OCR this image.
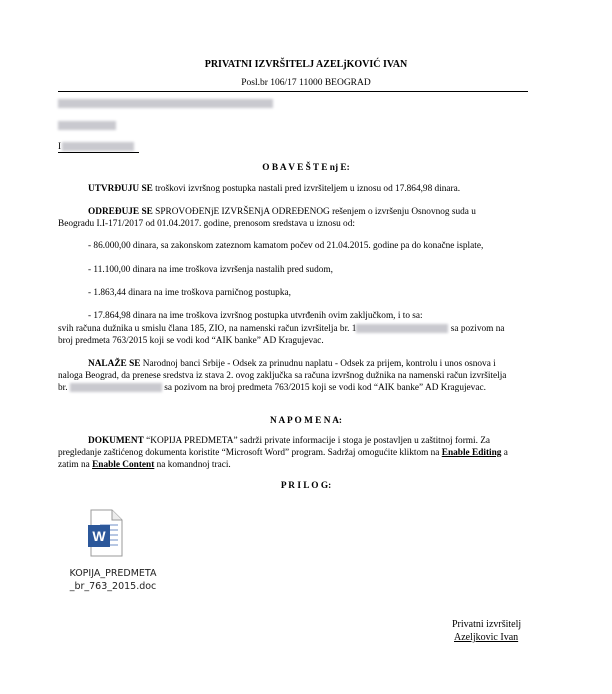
PRIVATNI IZVRŠITELJ AZELjKOVIĆ IVAN
Posl.br 106/17 11000 BEOGRAD
I
O B A V E Š T E nj E:
UTVRĐUJU SE troškovi izvršnog postupka nastali pred izvršiteljem u iznosu od 17.864,98 dinara.
ODREĐUJE SE SPROVOĐENjE IZVRŠENjA ODREĐENOG rešenjem o izvršenju Osnovnog suda u Beogradu I.I-171/2017 od 01.04.2017. godine, prenosom sredstava u iznosu od:
- 86.000,00 dinara, sa zakonskom zateznom kamatom počev od 21.04.2015. godine pa do konačne isplate,
- 11.100,00 dinara na ime troškova izvršenja nastalih pred sudom,
- 1.863,44 dinara na ime troškova parničnog postupka,
- 17.864,98 dinara na ime troškova izvršnog postupka utvrđenih ovim zaključkom, i to sa:
svih računa dužnika u smislu člana 185, ZIO, na namenski račun izvršitelja br. 1	sa pozivom na broj predmeta 763/2015 koji se vodi kod “AIK banke” AD Kragujevac.
NALAŽE SE Narodnoj banci Srbije - Odsek za prinudnu naplatu - Odsek za prijem, kontrolu i unos osnova i naloga Beograd, da prenese sredstva iz stava 2. ovog zaključka sa računa izvršnog dužnika na namenski račun izvršitelja br.	sa pozivom na broj predmeta 763/2015 koji se vodi kod “AIK banke” AD Kragujevac.
N A P O M E N A:
DOKUMENT “KOPIJA PREDMETA” sadrži private informacije i stoga je postavljen u zaštitnoj formi. Za pregledanje zaštićenog dokumenta koristite “Microsoft Word” program. Sadržaj omogućite kliktom na Enable Editing a zatim na Enable Content na komandnoj traci.
P R I L O G:
W
KOPIJA_PREDMETA
_br_763_2015.doc
Privatni izvršitelj
Azeljkovic Ivan
